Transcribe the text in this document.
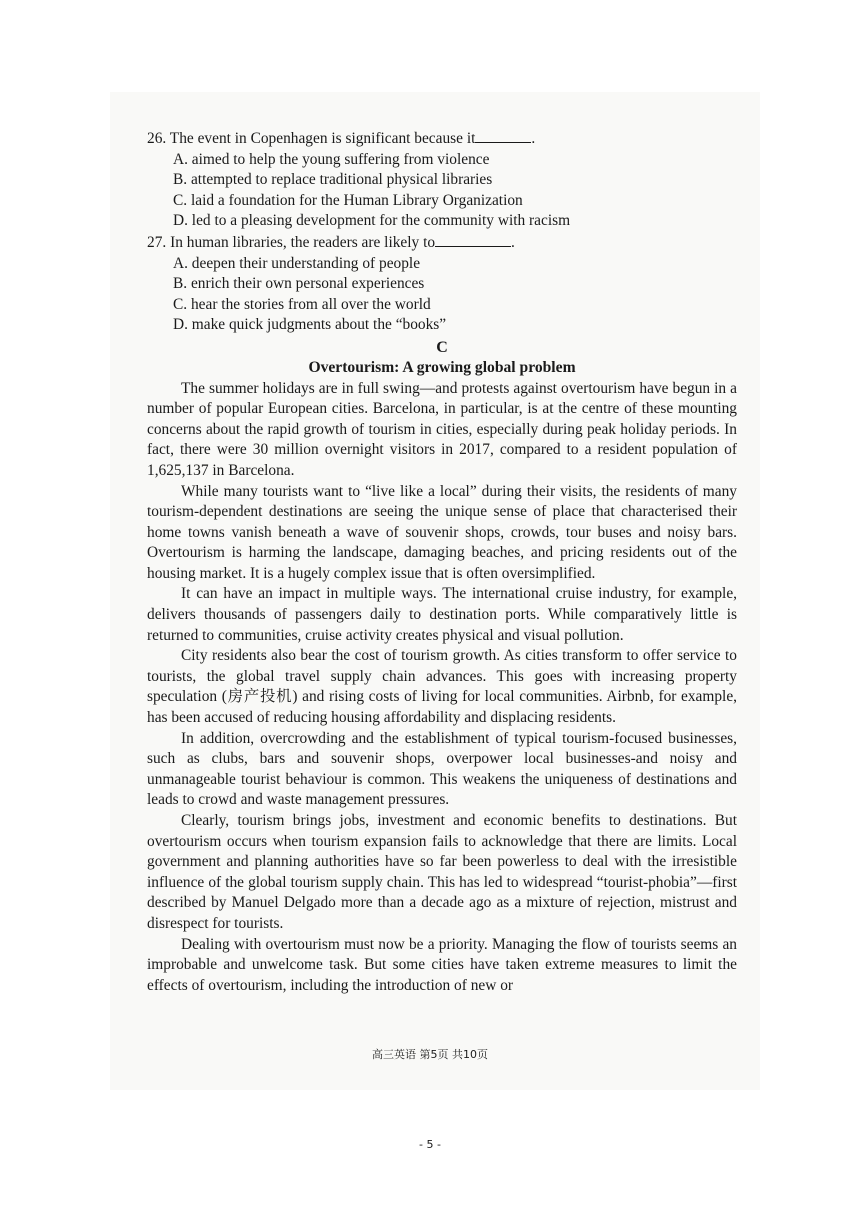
26. The event in Copenhagen is significant because it	.

A. aimed to help the young suffering from violence

B. attempted to replace traditional physical libraries

C. laid a foundation for the Human Library Organization

D. led to a pleasing development for the community with racism

27. In human libraries, the readers are likely to	.

A. deepen their understanding of people

B. enrich their own personal experiences

C. hear the stories from all over the world

D. make quick judgments about the “books”

C

Overtourism: A growing global problem

The summer holidays are in full swing—and protests against overtourism have begun in a number of popular European cities. Barcelona, in particular, is at the centre of these mounting concerns about the rapid growth of tourism in cities, especially during peak holiday periods. In fact, there were 30 million overnight visitors in 2017, compared to a resident population of 1,625,137 in Barcelona.

While many tourists want to “live like a local” during their visits, the residents of many tourism-dependent destinations are seeing the unique sense of place that characterised their home towns vanish beneath a wave of souvenir shops, crowds, tour buses and noisy bars. Overtourism is harming the landscape, damaging beaches, and pricing residents out of the housing market. It is a hugely complex issue that is often oversimplified.

It can have an impact in multiple ways. The international cruise industry, for example, delivers thousands of passengers daily to destination ports. While comparatively little is returned to communities, cruise activity creates physical and visual pollution.

City residents also bear the cost of tourism growth. As cities transform to offer service to tourists, the global travel supply chain advances. This goes with increasing property speculation (房产投机) and rising costs of living for local communities. Airbnb, for example, has been accused of reducing housing affordability and displacing residents.

In addition, overcrowding and the establishment of typical tourism-focused businesses, such as clubs, bars and souvenir shops, overpower local businesses-and noisy and unmanageable tourist behaviour is common. This weakens the uniqueness of destinations and leads to crowd and waste management pressures.

Clearly, tourism brings jobs, investment and economic benefits to destinations. But overtourism occurs when tourism expansion fails to acknowledge that there are limits. Local government and planning authorities have so far been powerless to deal with the irresistible influence of the global tourism supply chain. This has led to widespread “tourist-phobia”—first described by Manuel Delgado more than a decade ago as a mixture of rejection, mistrust and disrespect for tourists.

Dealing with overtourism must now be a priority. Managing the flow of tourists seems an improbable and unwelcome task. But some cities have taken extreme measures to limit the effects of overtourism, including the introduction of new or

高三英语 第5页 共10页
- 5 -
